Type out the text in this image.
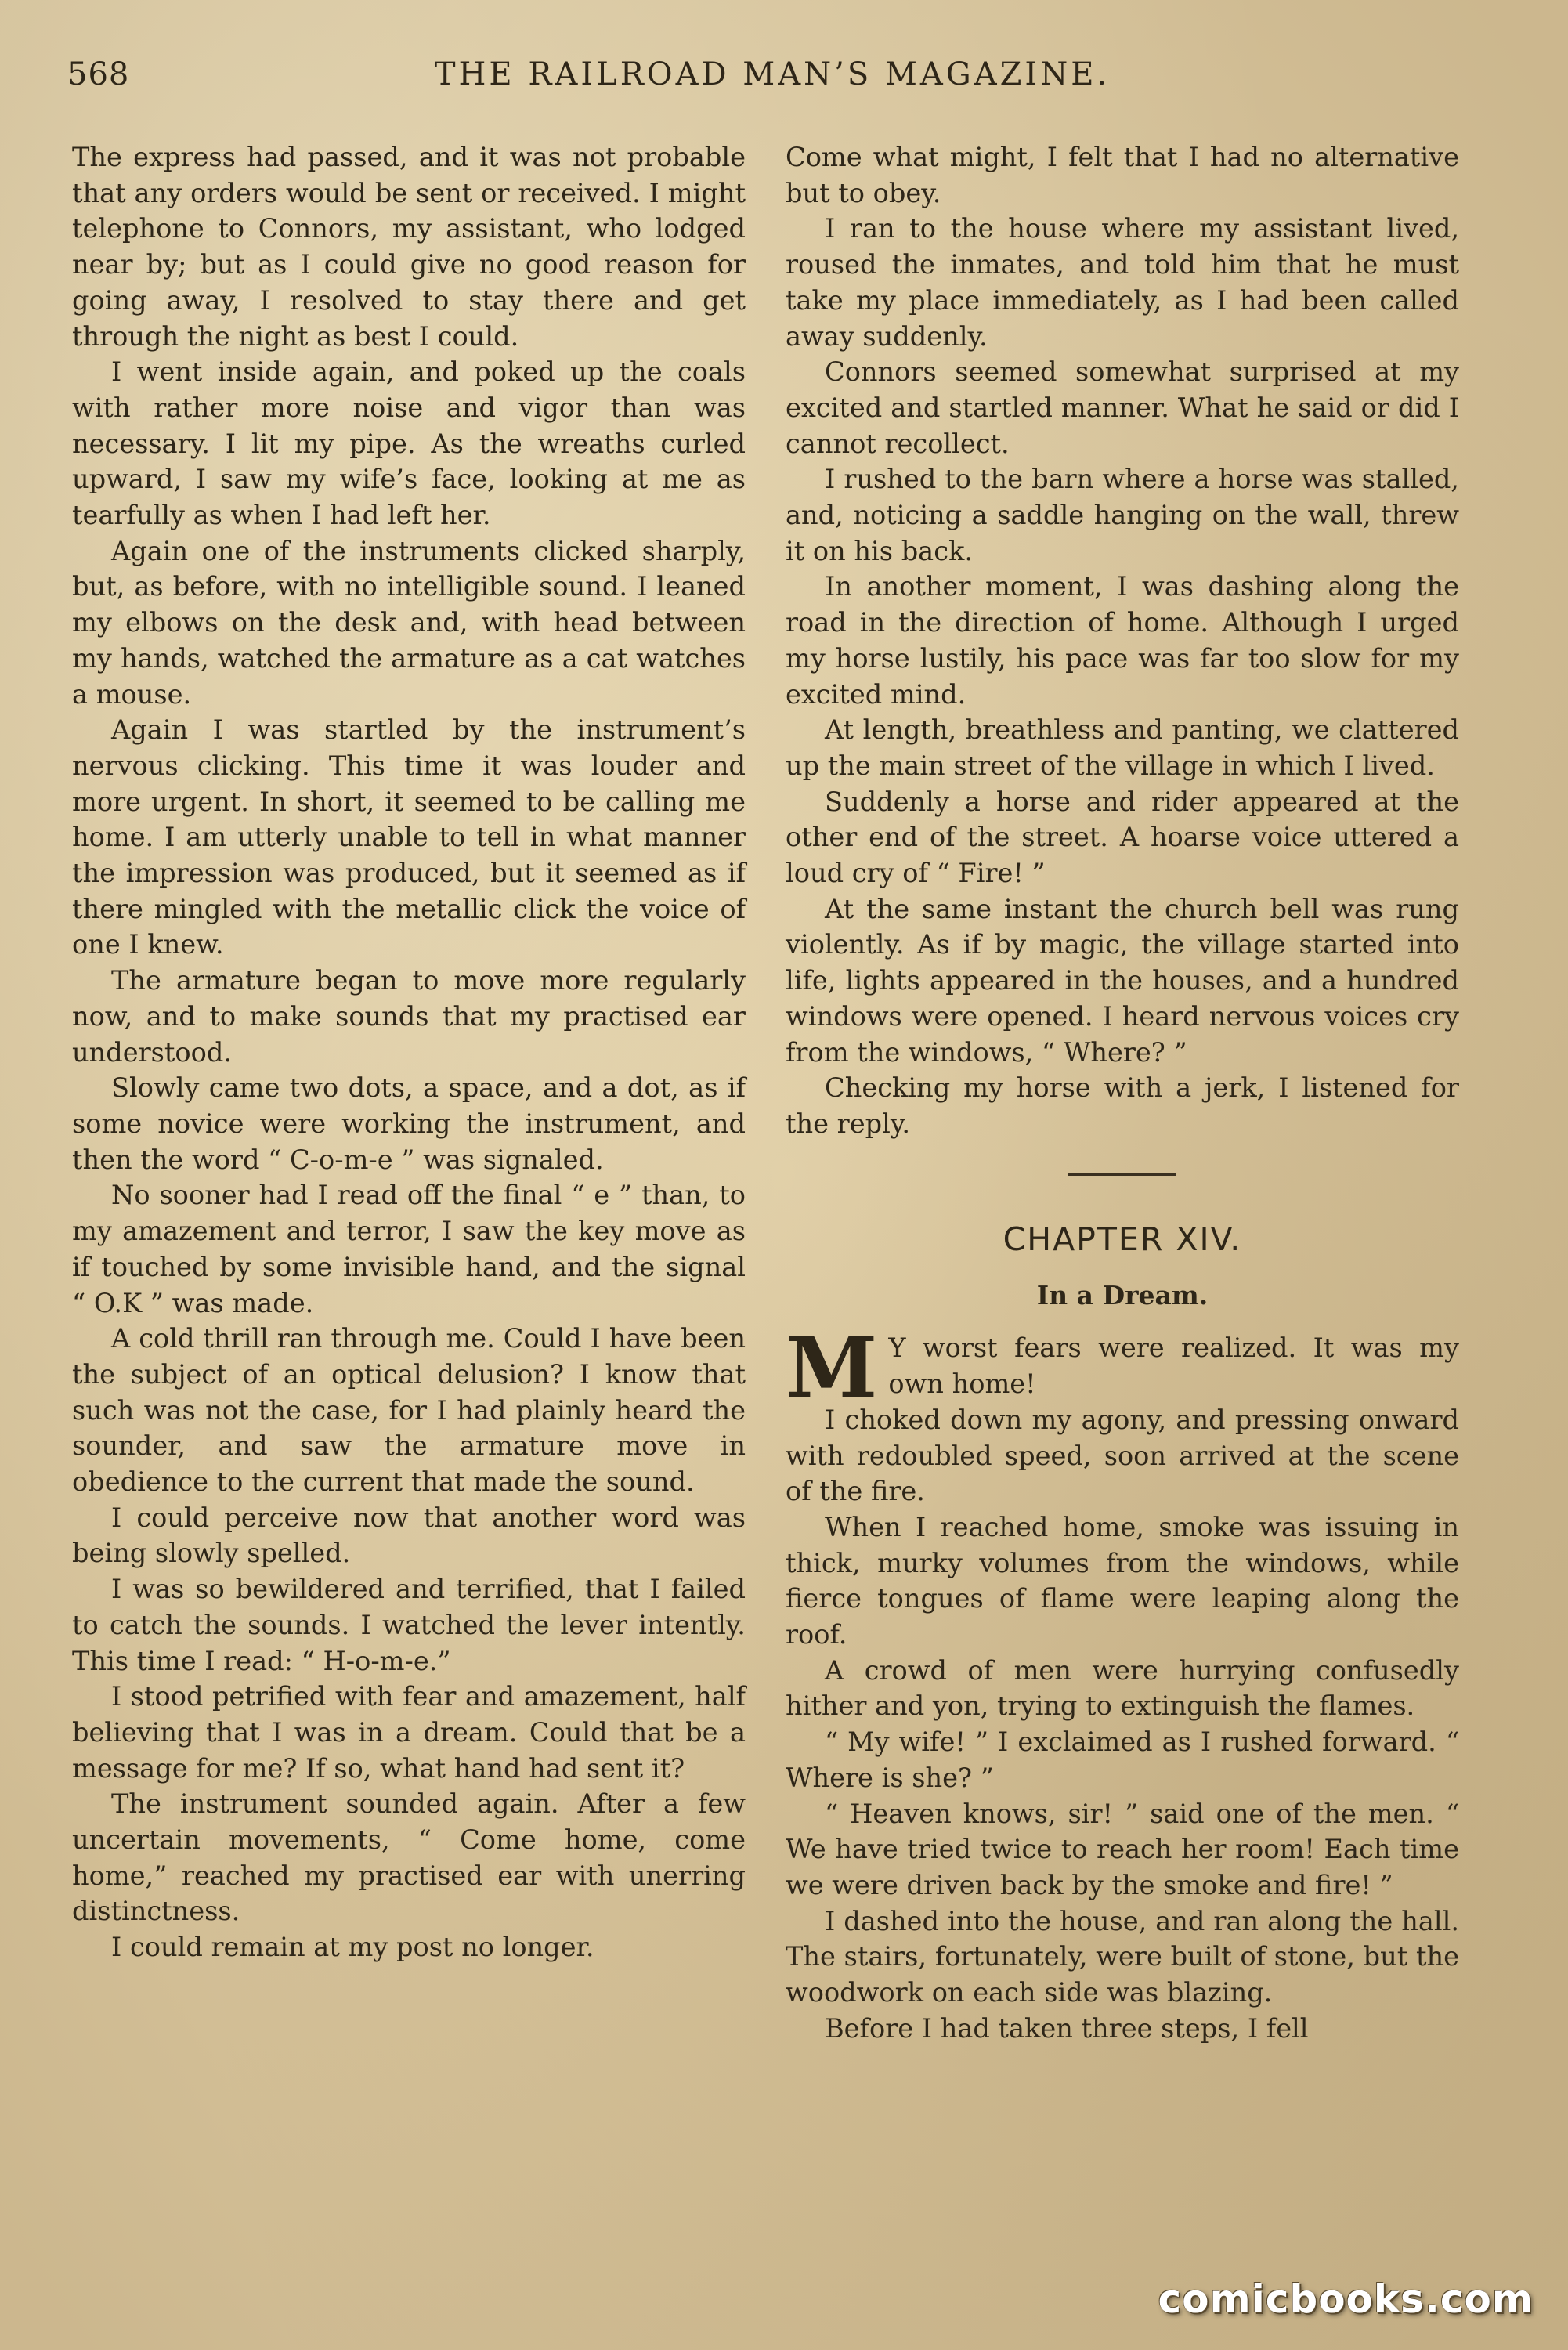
568	THE RAILROAD MAN’S MAGAZINE.

The express had passed, and it was not probable that any orders would be sent or received. I might telephone to Connors, my assistant, who lodged near by; but as I could give no good reason for going away, I resolved to stay there and get through the night as best I could.

I went inside again, and poked up the coals with rather more noise and vigor than was necessary. I lit my pipe. As the wreaths curled upward, I saw my wife’s face, looking at me as tearfully as when I had left her.

Again one of the instruments clicked sharply, but, as before, with no intelligible sound. I leaned my elbows on the desk and, with head between my hands, watched the armature as a cat watches a mouse.

Again I was startled by the instrument’s nervous clicking. This time it was louder and more urgent. In short, it seemed to be calling me home. I am utterly unable to tell in what manner the impression was produced, but it seemed as if there mingled with the metallic click the voice of one I knew.

The armature began to move more regularly now, and to make sounds that my practised ear understood.

Slowly came two dots, a space, and a dot, as if some novice were working the instrument, and then the word “ C-o-m-e ” was signaled.

No sooner had I read off the final “ e ” than, to my amazement and terror, I saw the key move as if touched by some invisible hand, and the signal “ O.K ” was made.

A cold thrill ran through me. Could I have been the subject of an optical delusion? I know that such was not the case, for I had plainly heard the sounder, and saw the armature move in obedience to the current that made the sound.

I could perceive now that another word was being slowly spelled.

I was so bewildered and terrified, that I failed to catch the sounds. I watched the lever intently. This time I read: “ H-o-m-e.”

I stood petrified with fear and amazement, half believing that I was in a dream. Could that be a message for me? If so, what hand had sent it?

The instrument sounded again. After a few uncertain movements, “ Come home, come home,” reached my practised ear with unerring distinctness.

I could remain at my post no longer.

Come what might, I felt that I had no alternative but to obey.

I ran to the house where my assistant lived, roused the inmates, and told him that he must take my place immediately, as I had been called away suddenly.

Connors seemed somewhat surprised at my excited and startled manner. What he said or did I cannot recollect.

I rushed to the barn where a horse was stalled, and, noticing a saddle hanging on the wall, threw it on his back.

In another moment, I was dashing along the road in the direction of home. Although I urged my horse lustily, his pace was far too slow for my excited mind.

At length, breathless and panting, we clattered up the main street of the village in which I lived.

Suddenly a horse and rider appeared at the other end of the street. A hoarse voice uttered a loud cry of “ Fire! ”

At the same instant the church bell was rung violently. As if by magic, the village started into life, lights appeared in the houses, and a hundred windows were opened. I heard nervous voices cry from the windows, “ Where? ”

Checking my horse with a jerk, I listened for the reply.

CHAPTER XIV.
In a Dream.

M Y worst fears were realized. It was my own home!

I choked down my agony, and pressing onward with redoubled speed, soon arrived at the scene of the fire.

When I reached home, smoke was issuing in thick, murky volumes from the windows, while fierce tongues of flame were leaping along the roof.

A crowd of men were hurrying confusedly hither and yon, trying to extinguish the flames.

“ My wife! ” I exclaimed as I rushed forward. “ Where is she? ”

“ Heaven knows, sir! ” said one of the men. “ We have tried twice to reach her room! Each time we were driven back by the smoke and fire! ”

I dashed into the house, and ran along the hall. The stairs, fortunately, were built of stone, but the woodwork on each side was blazing.

Before I had taken three steps, I fell

comicbooks.com
